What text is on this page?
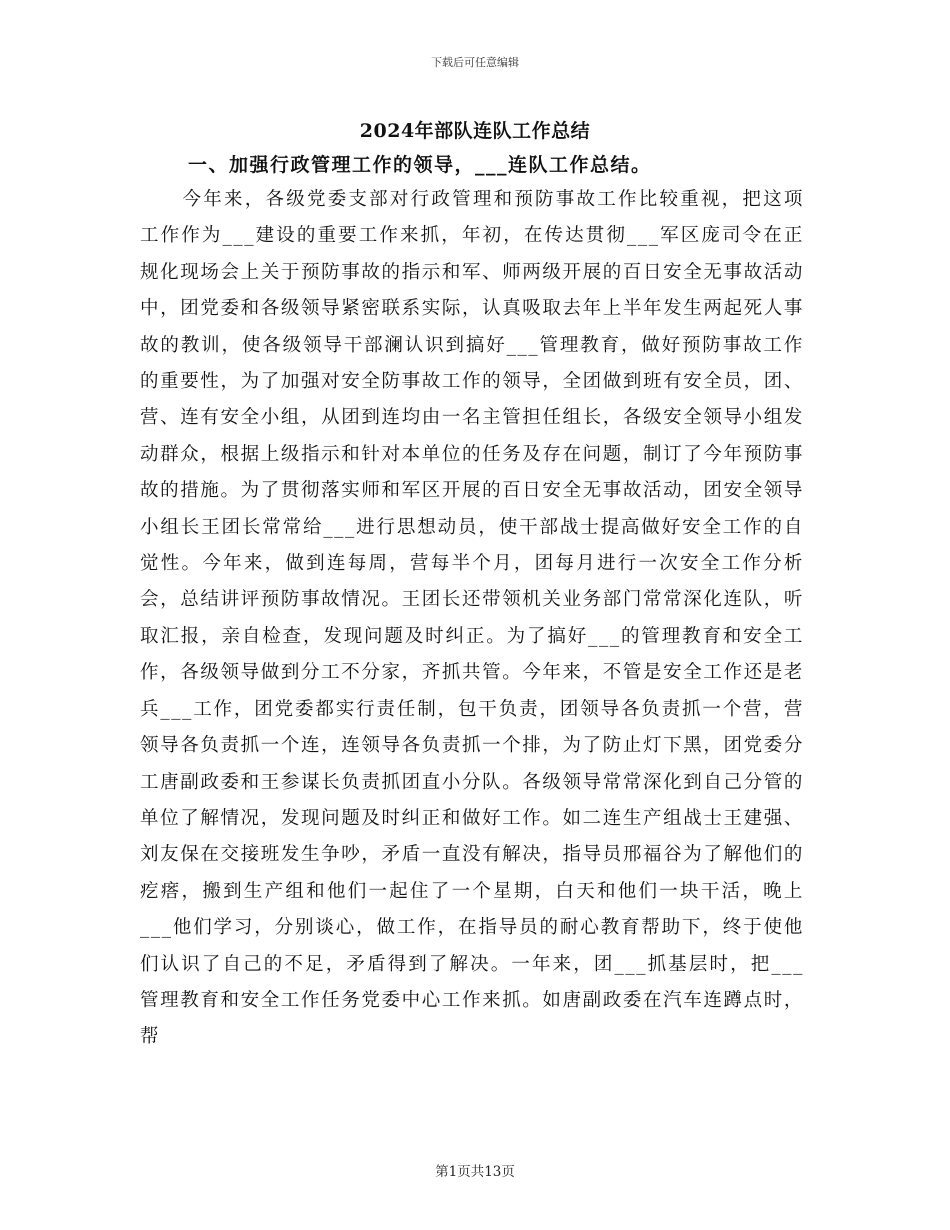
下载后可任意编辑
2024年部队连队工作总结
一、加强行政管理工作的领导，___连队工作总结。

今年来，各级党委支部对行政管理和预防事故工作比较重视，把这项工作作为___建设的重要工作来抓，年初，在传达贯彻___军区庞司令在正规化现场会上关于预防事故的指示和军、师两级开展的百日安全无事故活动中，团党委和各级领导紧密联系实际，认真吸取去年上半年发生两起死人事故的教训，使各级领导干部澜认识到搞好___管理教育，做好预防事故工作的重要性，为了加强对安全防事故工作的领导，全团做到班有安全员，团、营、连有安全小组，从团到连均由一名主管担任组长，各级安全领导小组发动群众，根据上级指示和针对本单位的任务及存在问题，制订了今年预防事故的措施。为了贯彻落实师和军区开展的百日安全无事故活动，团安全领导小组长王团长常常给___进行思想动员，使干部战士提高做好安全工作的自觉性。今年来，做到连每周，营每半个月，团每月进行一次安全工作分析会，总结讲评预防事故情况。王团长还带领机关业务部门常常深化连队，听取汇报，亲自检查，发现问题及时纠正。为了搞好___的管理教育和安全工作，各级领导做到分工不分家，齐抓共管。今年来，不管是安全工作还是老兵___工作，团党委都实行责任制，包干负责，团领导各负责抓一个营，营领导各负责抓一个连，连领导各负责抓一个排，为了防止灯下黑，团党委分工唐副政委和王参谋长负责抓团直小分队。各级领导常常深化到自己分管的单位了解情况，发现问题及时纠正和做好工作。如二连生产组战士王建强、刘友保在交接班发生争吵，矛盾一直没有解决，指导员邢福谷为了解他们的疙瘩，搬到生产组和他们一起住了一个星期，白天和他们一块干活，晚上___他们学习，分别谈心，做工作，在指导员的耐心教育帮助下，终于使他们认识了自己的不足，矛盾得到了解决。一年来，团___抓基层时，把___管理教育和安全工作任务党委中心工作来抓。如唐副政委在汽车连蹲点时，帮

第1页共13页
